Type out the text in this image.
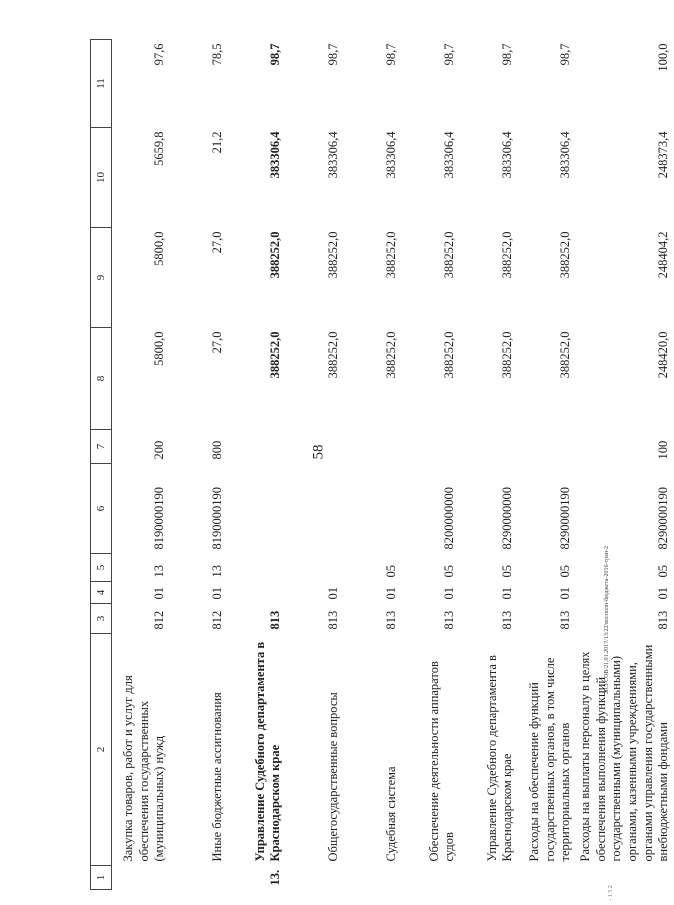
58
20.3/СОВ/21.01.2017/13:22/восполн-бюджета-2016-тран-2
- 1 5 2
1	2	3	4	5	6	7	8	9	10	11
	Закупка товаров, работ и услуг для обеспечения государственных (муниципальных) нужд	812	01	13	8190000190	200	5800,0	5800,0	5659,8	97,6
	Иные бюджетные ассигнования	812	01	13	8190000190	800	27,0	27,0	21,2	78,5
13.	Управление Судебного департамента в Краснодарском крае	813					388252,0	388252,0	383306,4	98,7
	Общегосударственные вопросы	813	01				388252,0	388252,0	383306,4	98,7
	Судебная система	813	01	05			388252,0	388252,0	383306,4	98,7
	Обеспечение деятельности аппаратов судов	813	01	05	8200000000		388252,0	388252,0	383306,4	98,7
	Управление Судебного департамента в Краснодарском крае	813	01	05	8290000000		388252,0	388252,0	383306,4	98,7
	Расходы на обеспечение функций государственных органов, в том числе территориальных органов	813	01	05	8290000190		388252,0	388252,0	383306,4	98,7
	Расходы на выплаты персоналу в целях обеспечения выполнения функций государственными (муниципальными) органами, казенными учреждениями, органами управления государственными внебюджетными фондами	813	01	05	8290000190	100	248420,0	248404,2	248373,4	100,0
